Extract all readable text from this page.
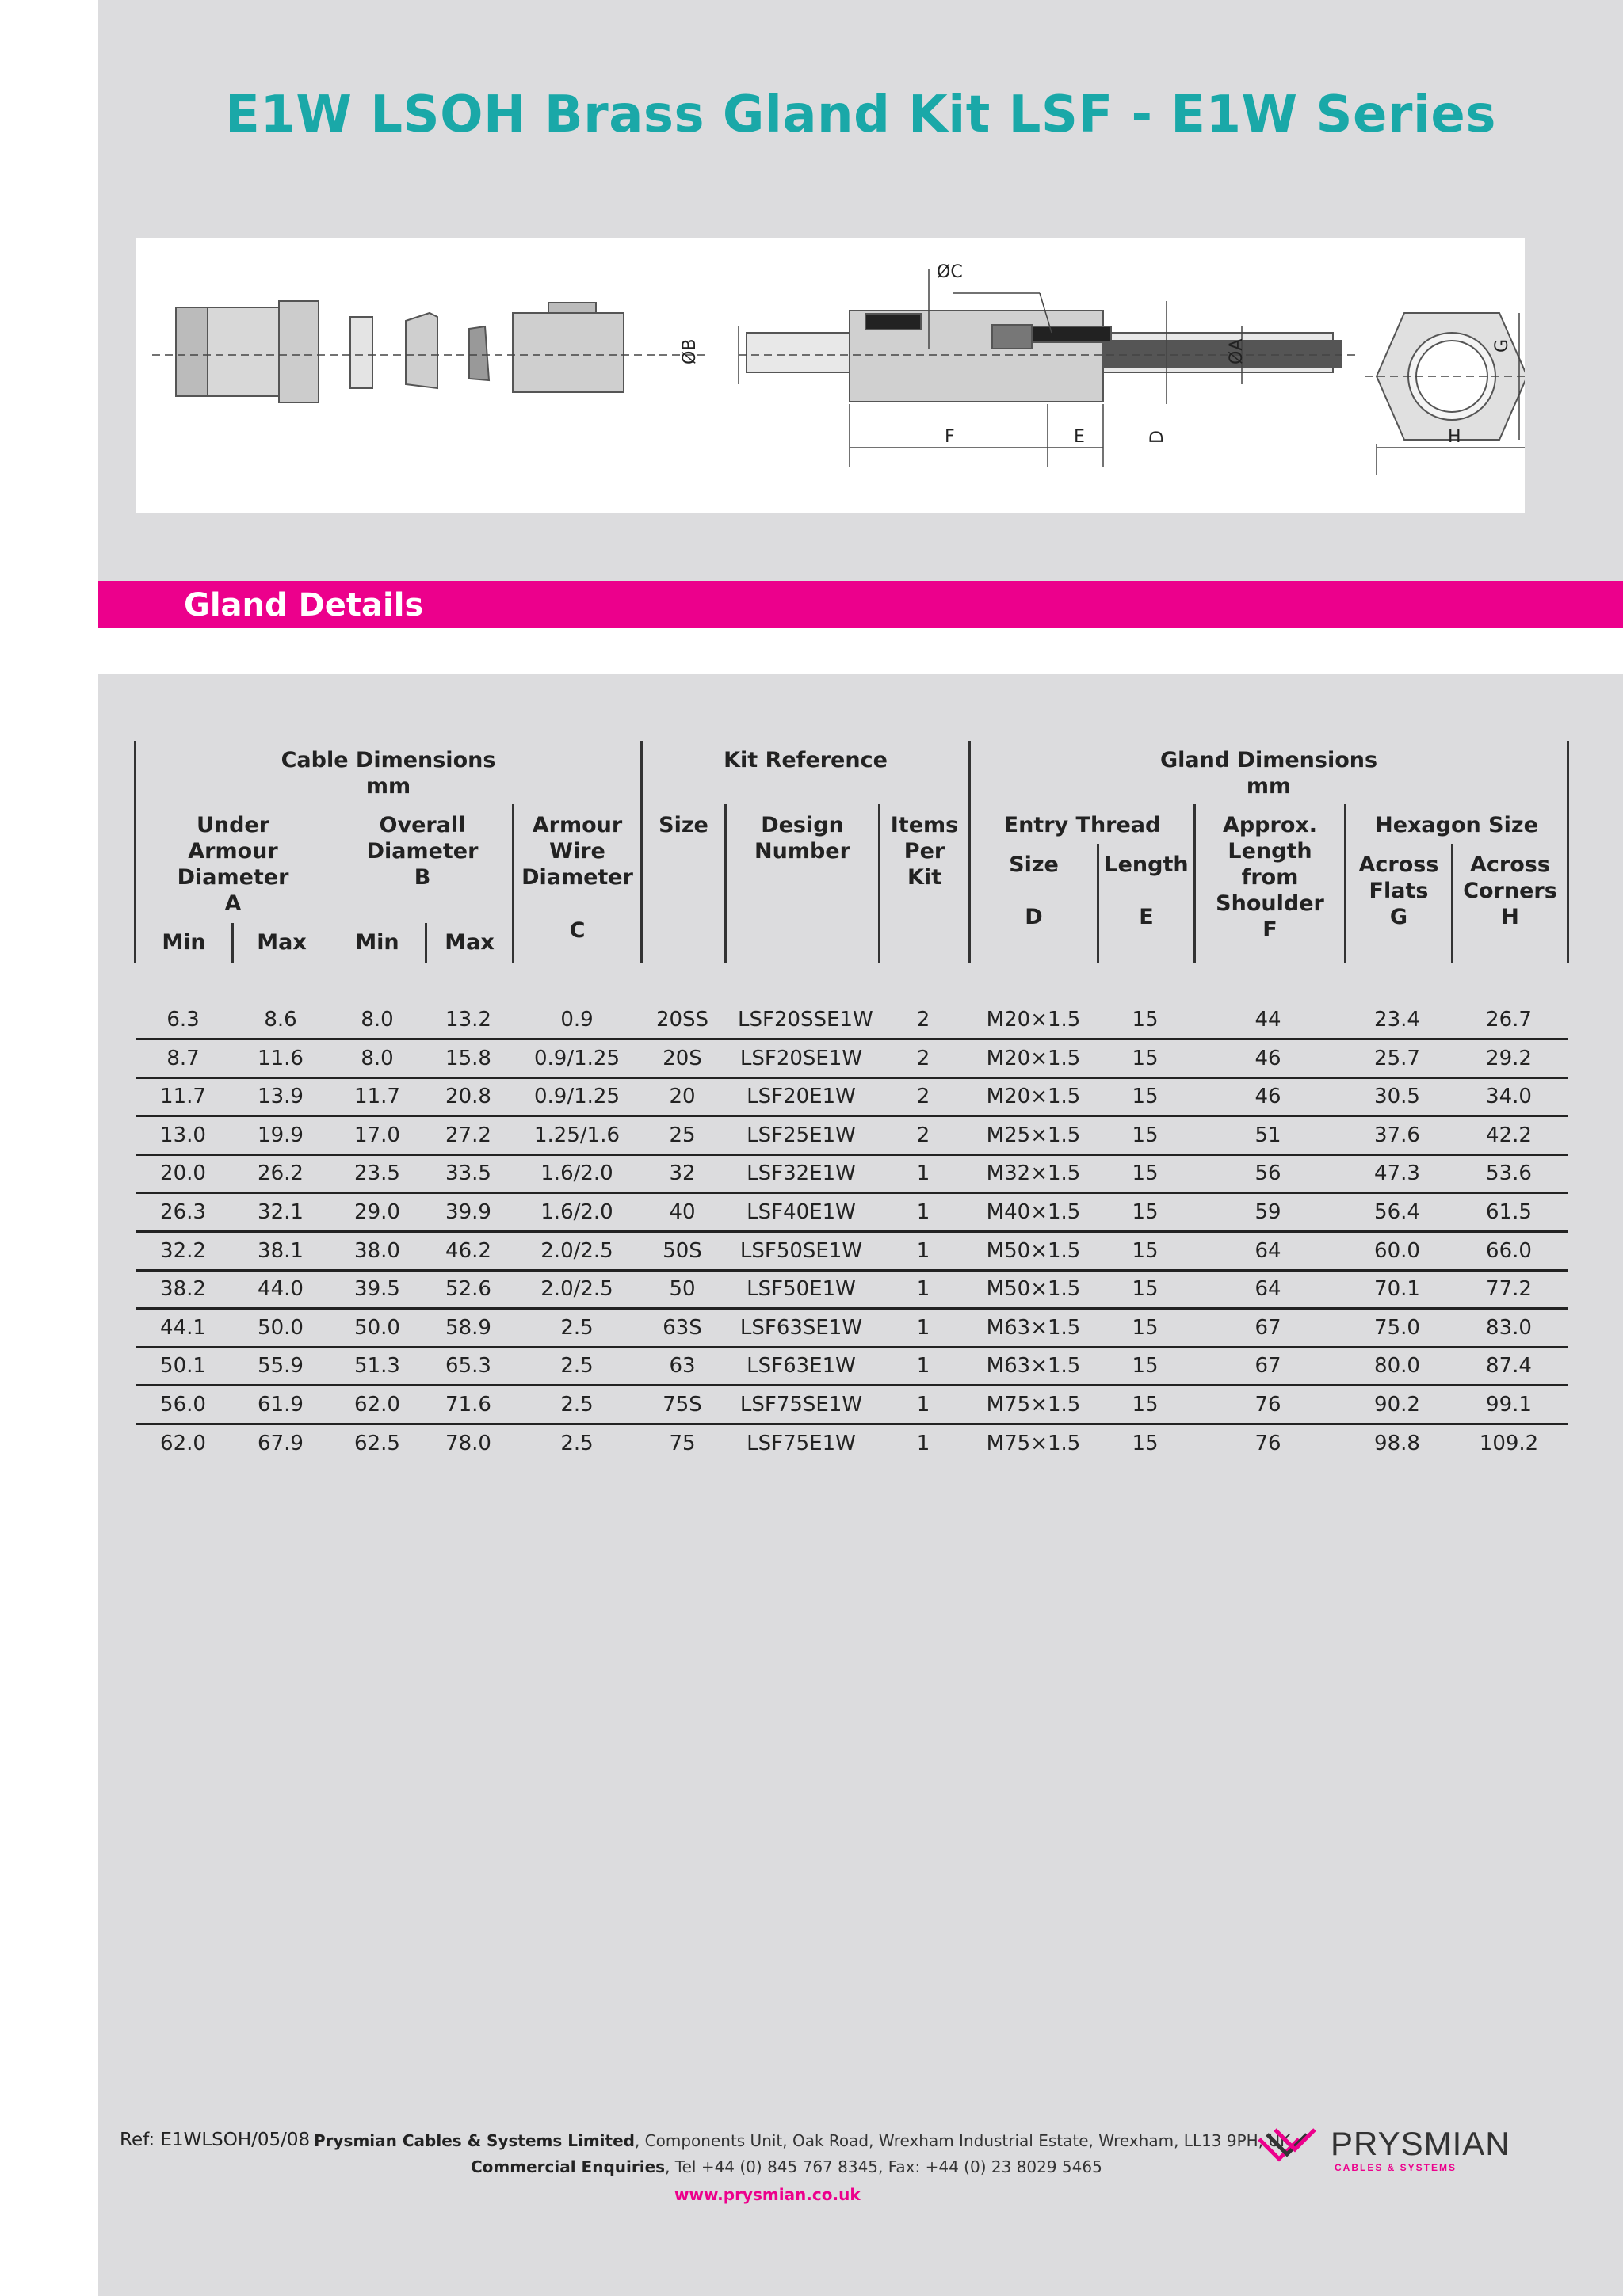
E1W LSOH Brass Gland Kit LSF - E1W Series
ØC
ØB	ØA	G
F	E	D	H
Gland Details
Cable Dimensions
mm
Kit Reference	Gland Dimensions
mm
Under
Armour
Diameter
A
Overall
Diameter
B
Armour
Wire
Diameter
C
Size	Design
Number
Items
Per
Kit
Entry Thread
Size
D
Length
E
Approx.
Length
from
Shoulder
F
Hexagon Size
Across
Flats
G
Across
Corners
H
Min	Max	Min	Max
6.3	8.6	8.0	13.2	0.9	20SS	LSF20SSE1W	2	M20×1.5	15	44	23.4	26.7
8.7	11.6	8.0	15.8	0.9/1.25	20S	LSF20SE1W	2	M20×1.5	15	46	25.7	29.2
11.7	13.9	11.7	20.8	0.9/1.25	20	LSF20E1W	2	M20×1.5	15	46	30.5	34.0
13.0	19.9	17.0	27.2	1.25/1.6	25	LSF25E1W	2	M25×1.5	15	51	37.6	42.2
20.0	26.2	23.5	33.5	1.6/2.0	32	LSF32E1W	1	M32×1.5	15	56	47.3	53.6
26.3	32.1	29.0	39.9	1.6/2.0	40	LSF40E1W	1	M40×1.5	15	59	56.4	61.5
32.2	38.1	38.0	46.2	2.0/2.5	50S	LSF50SE1W	1	M50×1.5	15	64	60.0	66.0
38.2	44.0	39.5	52.6	2.0/2.5	50	LSF50E1W	1	M50×1.5	15	64	70.1	77.2
44.1	50.0	50.0	58.9	2.5	63S	LSF63SE1W	1	M63×1.5	15	67	75.0	83.0
50.1	55.9	51.3	65.3	2.5	63	LSF63E1W	1	M63×1.5	15	67	80.0	87.4
56.0	61.9	62.0	71.6	2.5	75S	LSF75SE1W	1	M75×1.5	15	76	90.2	99.1
62.0	67.9	62.5	78.0	2.5	75	LSF75E1W	1	M75×1.5	15	76	98.8	109.2
Ref: E1WLSOH/05/08 Prysmian Cables & Systems Limited, Components Unit, Oak Road, Wrexham Industrial Estate, Wrexham, LL13 9PH, UK
Commercial Enquiries, Tel +44 (0) 845 767 8345, Fax: +44 (0) 23 8029 5465
www.prysmian.co.uk
PRYSMIAN
CABLES & SYSTEMS
